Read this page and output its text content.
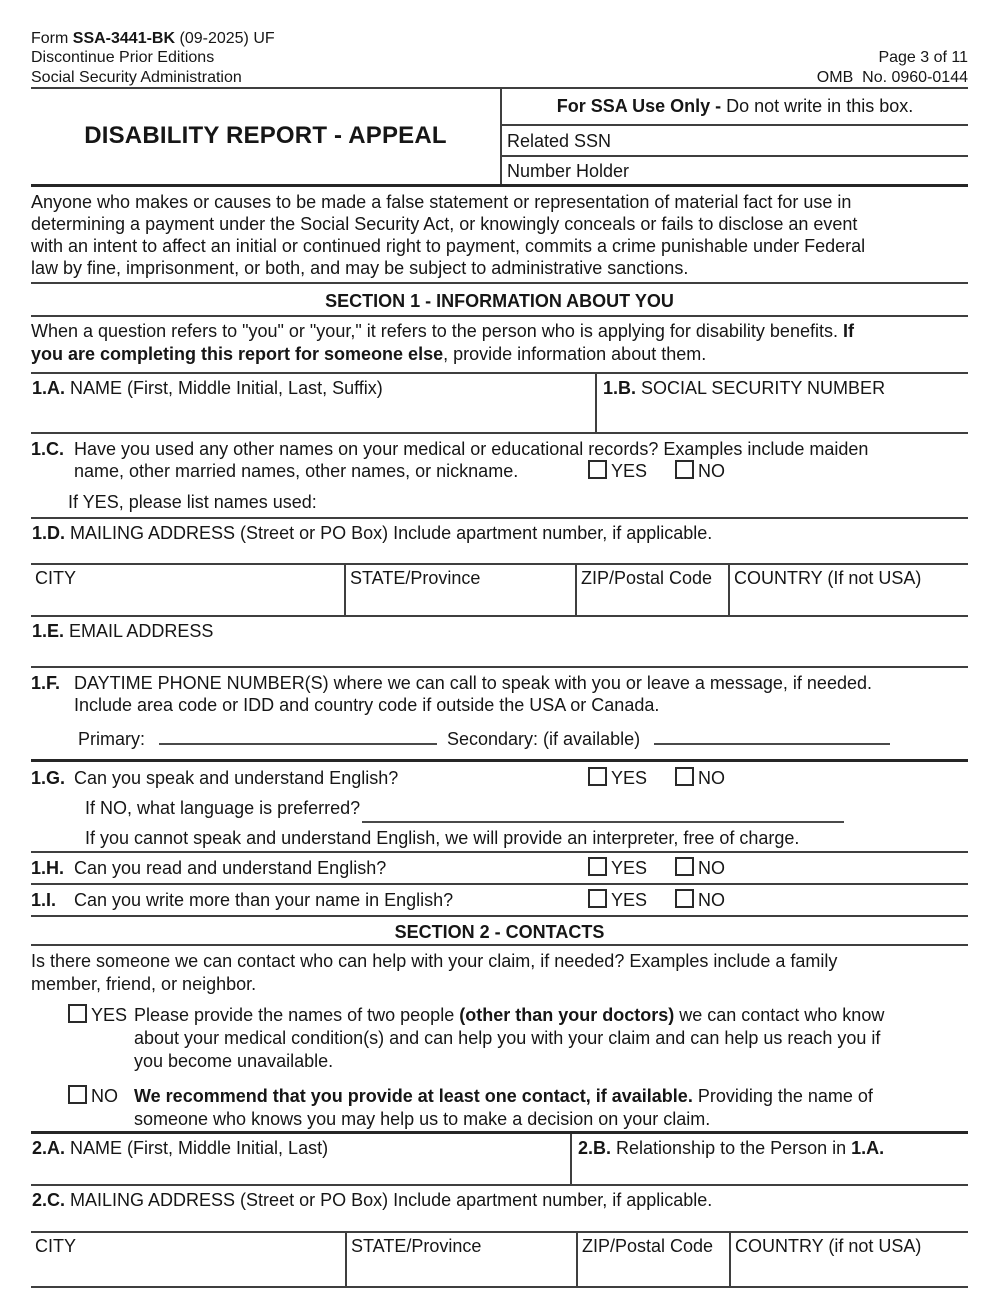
Form SSA-3441-BK (09-2025) UF
Discontinue Prior Editions
Social Security Administration
Page 3 of 11
OMB  No. 0960-0144
DISABILITY REPORT - APPEAL
For SSA Use Only - Do not write in this box.
Related SSN
Number Holder
Anyone who makes or causes to be made a false statement or representation of material fact for use in
determining a payment under the Social Security Act, or knowingly conceals or fails to disclose an event
with an intent to affect an initial or continued right to payment, commits a crime punishable under Federal
law by fine, imprisonment, or both, and may be subject to administrative sanctions.
SECTION 1 - INFORMATION ABOUT YOU
When a question refers to "you" or "your," it refers to the person who is applying for disability benefits. If
you are completing this report for someone else, provide information about them.
1.A. NAME (First, Middle Initial, Last, Suffix)	1.B. SOCIAL SECURITY NUMBER
1.C. Have you used any other names on your medical or educational records? Examples include maiden
name, other married names, other names, or nickname.	YES	NO
If YES, please list names used:
1.D. MAILING ADDRESS (Street or PO Box) Include apartment number, if applicable.
CITY	STATE/Province	ZIP/Postal Code	COUNTRY (If not USA)
1.E. EMAIL ADDRESS
1.F. DAYTIME PHONE NUMBER(S) where we can call to speak with you or leave a message, if needed.
Include area code or IDD and country code if outside the USA or Canada.
Primary:	Secondary: (if available)
1.G. Can you speak and understand English?	YES	NO
If NO, what language is preferred?
If you cannot speak and understand English, we will provide an interpreter, free of charge.
1.H. Can you read and understand English?	YES	NO
1.I. Can you write more than your name in English?	YES	NO
SECTION 2 - CONTACTS
Is there someone we can contact who can help with your claim, if needed? Examples include a family
member, friend, or neighbor.
YES Please provide the names of two people (other than your doctors) we can contact who know
about your medical condition(s) and can help you with your claim and can help us reach you if
you become unavailable.
NO We recommend that you provide at least one contact, if available. Providing the name of
someone who knows you may help us to make a decision on your claim.
2.A. NAME (First, Middle Initial, Last)	2.B. Relationship to the Person in 1.A.
2.C. MAILING ADDRESS (Street or PO Box) Include apartment number, if applicable.
CITY	STATE/Province	ZIP/Postal Code	COUNTRY (if not USA)
